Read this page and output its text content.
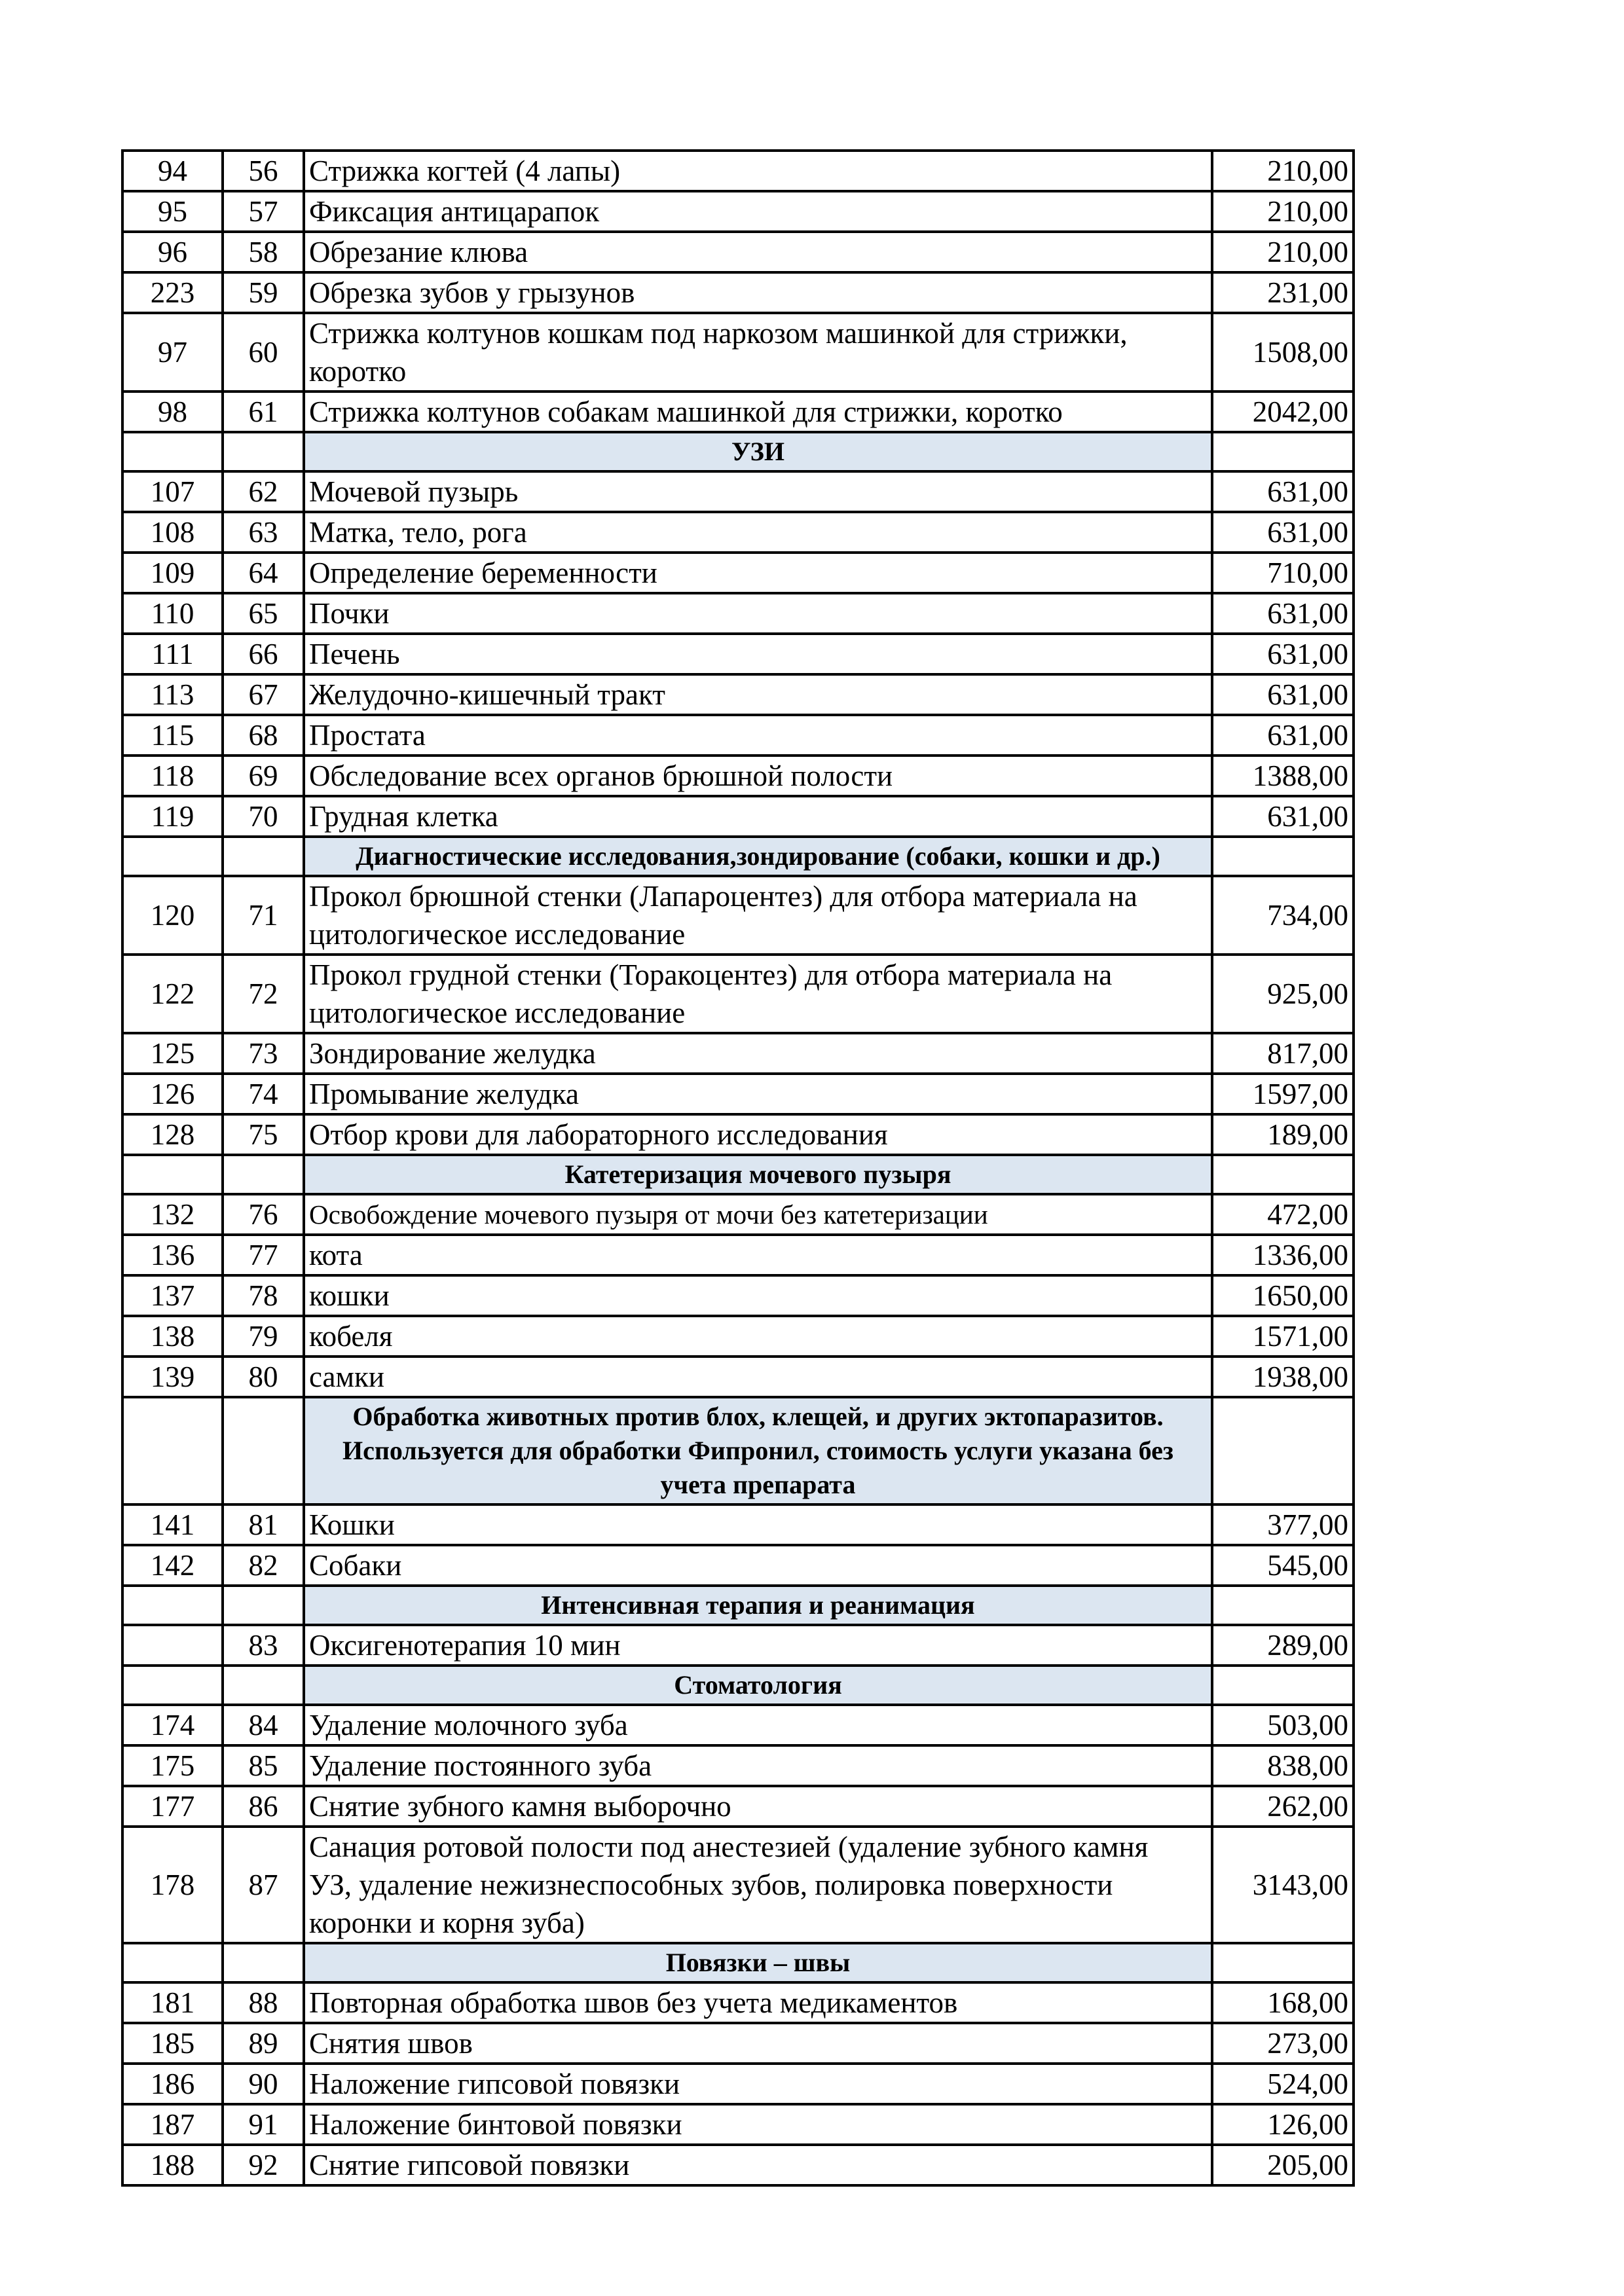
94	56	Стрижка когтей (4 лапы)	210,00
95	57	Фиксация антицарапок	210,00
96	58	Обрезание клюва	210,00
223	59	Обрезка зубов у грызунов	231,00
97	60	Стрижка колтунов кошкам под наркозом машинкой для стрижки,
коротко	1508,00
98	61	Стрижка колтунов собакам машинкой для стрижки, коротко	2042,00
		УЗИ	
107	62	Мочевой пузырь	631,00
108	63	Матка, тело, рога	631,00
109	64	Определение беременности	710,00
110	65	Почки	631,00
111	66	Печень	631,00
113	67	Желудочно-кишечный тракт	631,00
115	68	Простата	631,00
118	69	Обследование всех органов брюшной полости	1388,00
119	70	Грудная клетка	631,00
		Диагностические исследования,зондирование (собаки, кошки и др.)	
120	71	Прокол брюшной стенки (Лапароцентез) для отбора материала на
цитологическое исследование	734,00
122	72	Прокол грудной стенки (Торакоцентез) для отбора материала на
цитологическое исследование	925,00
125	73	Зондирование желудка	817,00
126	74	Промывание желудка	1597,00
128	75	Отбор крови для лабораторного исследования	189,00
		Катетеризация мочевого пузыря	
132	76	Освобождение мочевого пузыря от мочи без катетеризации	472,00
136	77	кота	1336,00
137	78	кошки	1650,00
138	79	кобеля	1571,00
139	80	самки	1938,00
		Обработка животных против блох, клещей, и других эктопаразитов.
Используется для обработки Фипронил, стоимость услуги указана без
учета препарата	
141	81	Кошки	377,00
142	82	Собаки	545,00
		Интенсивная терапия и реанимация	
	83	Оксигенотерапия 10 мин	289,00
		Стоматология	
174	84	Удаление молочного зуба	503,00
175	85	Удаление постоянного зуба	838,00
177	86	Снятие зубного камня выборочно	262,00
178	87	Санация ротовой полости под анестезией (удаление зубного камня
УЗ, удаление нежизнеспособных зубов, полировка поверхности
коронки и корня зуба)	3143,00
		Повязки – швы	
181	88	Повторная обработка швов без учета медикаментов	168,00
185	89	Снятия швов	273,00
186	90	Наложение гипсовой повязки	524,00
187	91	Наложение бинтовой повязки	126,00
188	92	Снятие гипсовой повязки	205,00
